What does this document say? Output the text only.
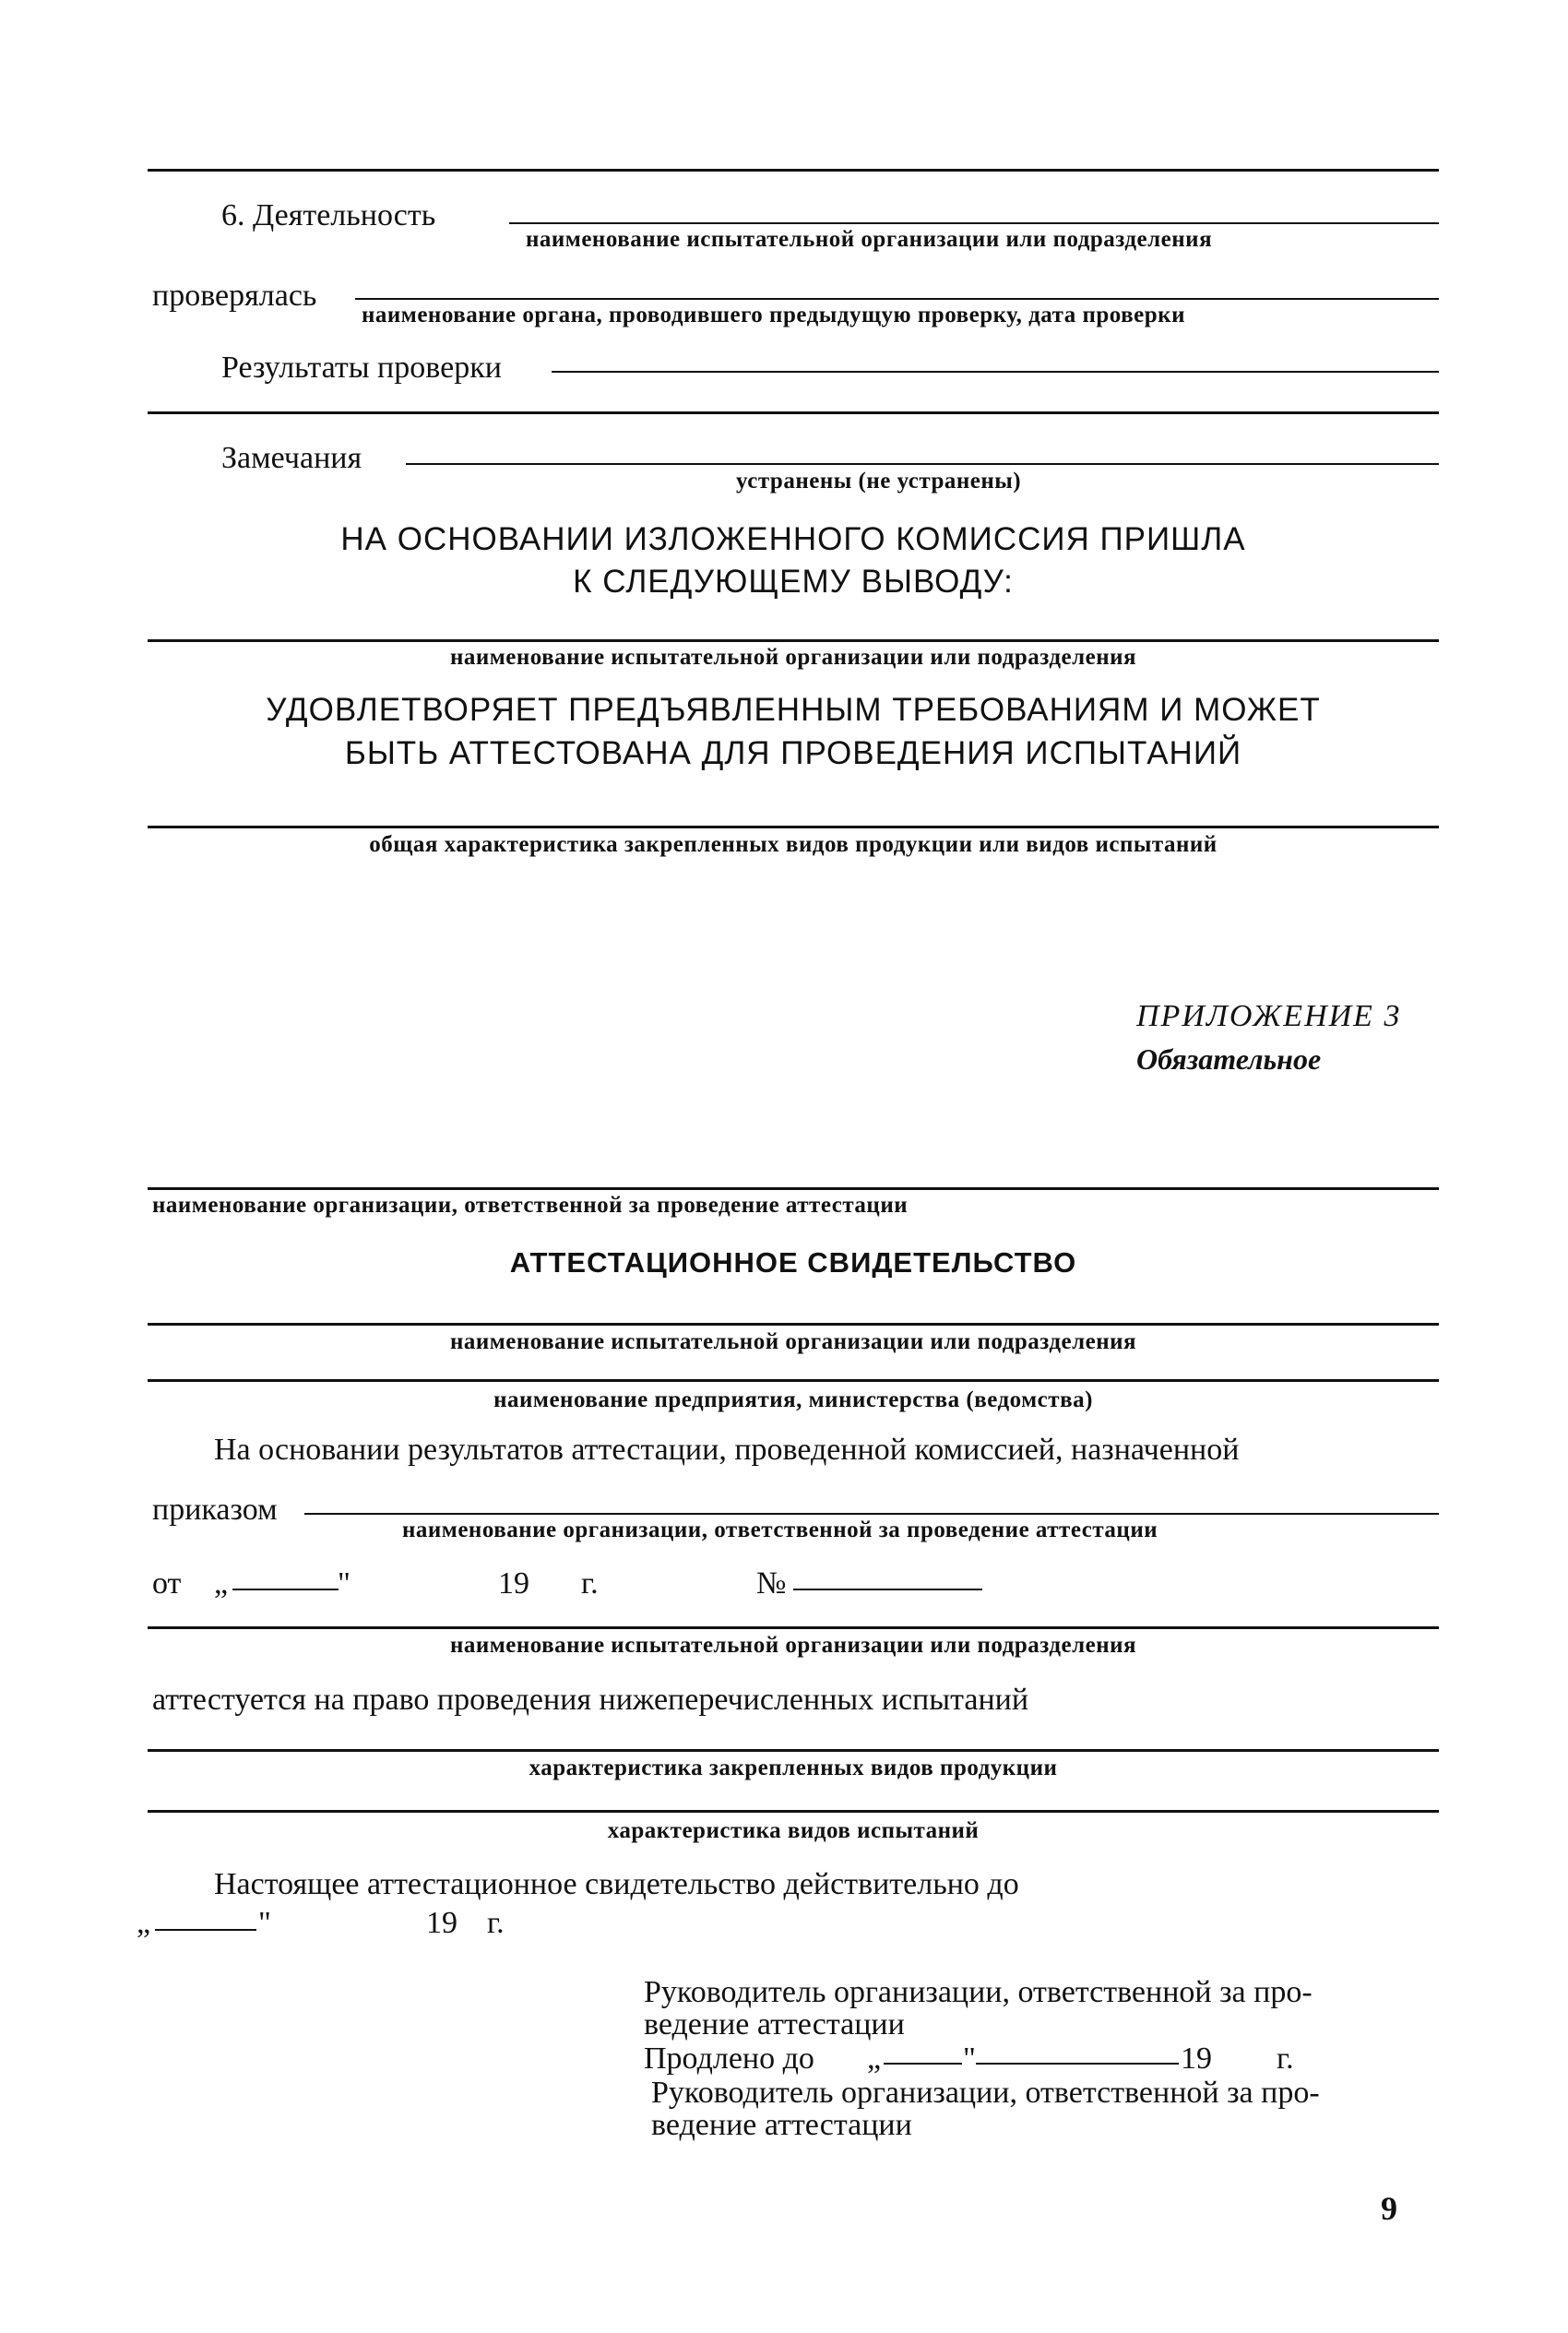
6. Деятельность
наименование испытательной организации или подразделения
проверялась
наименование органа, проводившего предыдущую проверку, дата проверки
Результаты проверки
Замечания
устранены (не устранены)
НА ОСНОВАНИИ ИЗЛОЖЕННОГО КОМИССИЯ ПРИШЛА
К СЛЕДУЮЩЕМУ ВЫВОДУ:
наименование испытательной организации или подразделения
УДОВЛЕТВОРЯЕТ ПРЕДЪЯВЛЕННЫМ ТРЕБОВАНИЯМ И МОЖЕТ
БЫТЬ АТТЕСТОВАНА ДЛЯ ПРОВЕДЕНИЯ ИСПЫТАНИЙ
общая характеристика закрепленных видов продукции или видов испытаний
ПРИЛОЖЕНИЕ 3
Обязательное
наименование организации, ответственной за проведение аттестации
АТТЕСТАЦИОННОЕ СВИДЕТЕЛЬСТВО
наименование испытательной организации или подразделения
наименование предприятия, министерства (ведомства)
На основании результатов аттестации, проведенной комиссией, назначенной
приказом
наименование организации, ответственной за проведение аттестации
от „	"	19 г.	№
наименование испытательной организации или подразделения
аттестуется на право проведения нижеперечисленных испытаний
характеристика закрепленных видов продукции
характеристика видов испытаний
Настоящее аттестационное свидетельство действительно до
„	"	19 г.
Руководитель организации, ответственной за про-
ведение аттестации
Продлено до „	"	19 г.
Руководитель организации, ответственной за про-
ведение аттестации
9
